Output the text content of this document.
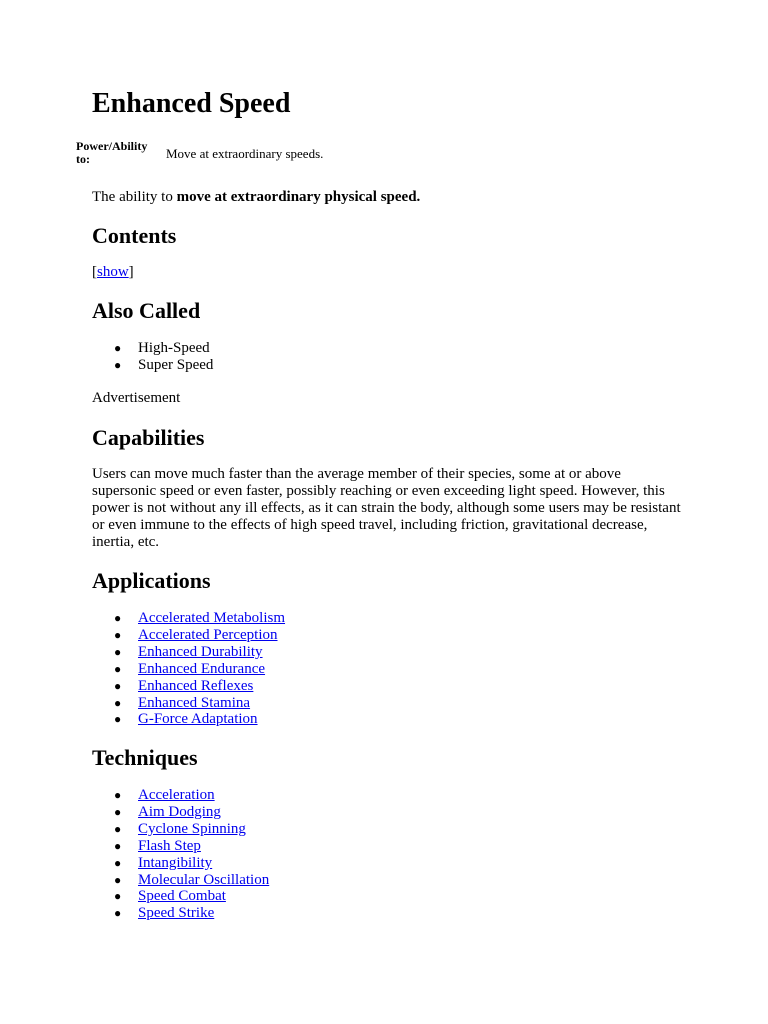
Enhanced Speed
Power/Ability to:	Move at extraordinary speeds.

The ability to move at extraordinary physical speed.

Contents

[show]

Also Called
● High-Speed
● Super Speed

Advertisement

Capabilities

Users can move much faster than the average member of their species, some at or above supersonic speed or even faster, possibly reaching or even exceeding light speed. However, this power is not without any ill effects, as it can strain the body, although some users may be resistant or even immune to the effects of high speed travel, including friction, gravitational decrease, inertia, etc.

Applications
● Accelerated Metabolism
● Accelerated Perception
● Enhanced Durability
● Enhanced Endurance
● Enhanced Reflexes
● Enhanced Stamina
● G-Force Adaptation
Techniques
● Acceleration
● Aim Dodging
● Cyclone Spinning
● Flash Step
● Intangibility
● Molecular Oscillation
● Speed Combat
● Speed Strike
